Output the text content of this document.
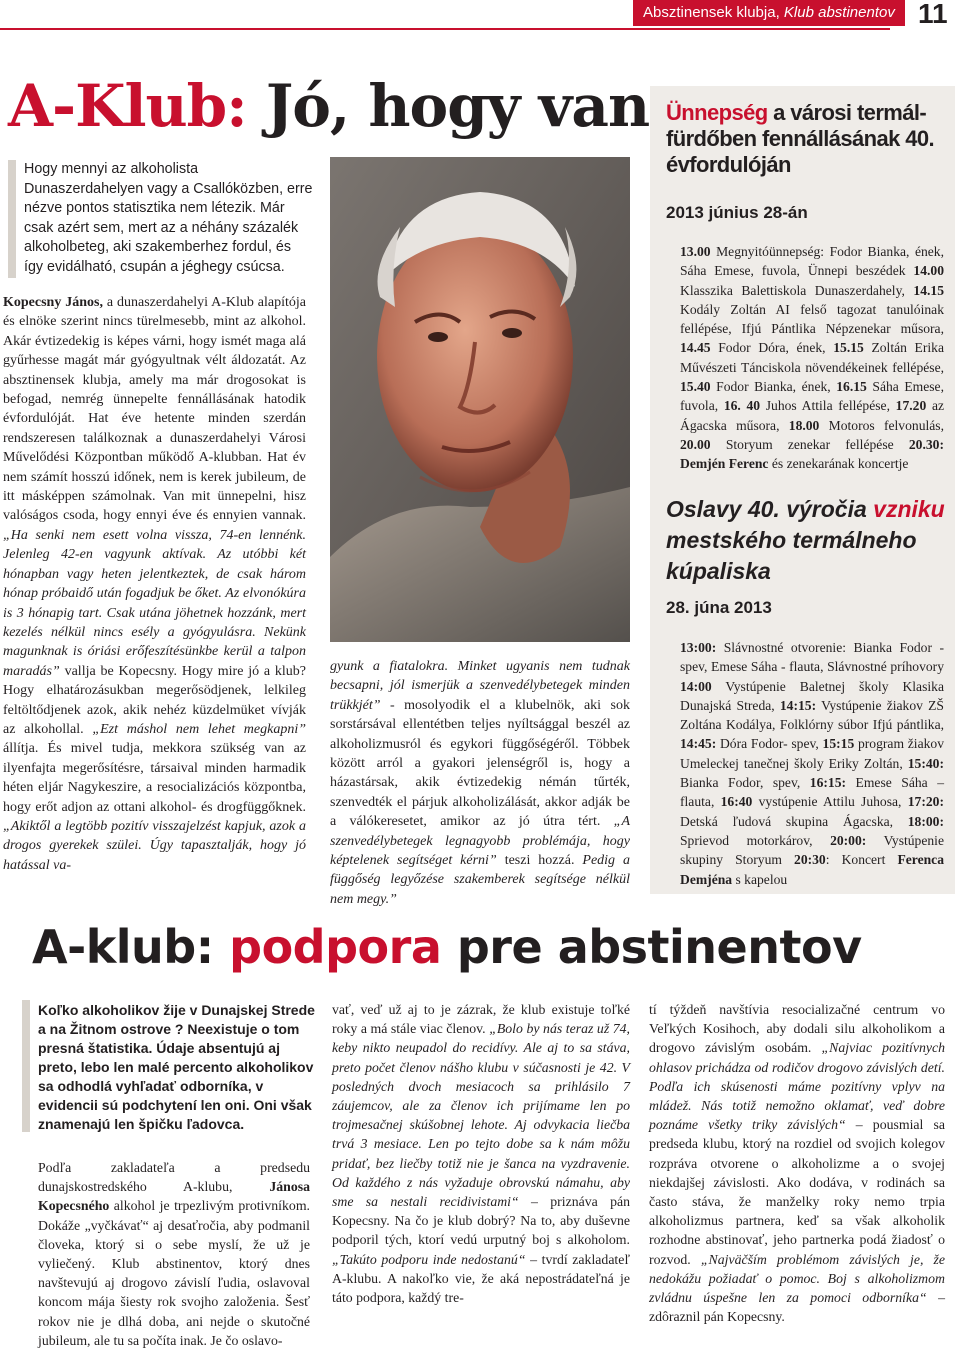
Absztinensek klubja, Klub abstinentov 11
A-Klub: Jó, hogy van
Hogy mennyi az alkoholista Dunaszerdahelyen vagy a Csallóközben, erre nézve pontos statisztika nem létezik. Már csak azért sem, mert az a néhány százalék alkoholbeteg, aki szakemberhez fordul, és így evidálható, csupán a jéghegy csúcsa.

Kopecsny János, a dunaszerdahelyi A-Klub alapítója és elnöke szerint nincs türelmesebb, mint az alkohol. Akár évtizedekig is képes várni, hogy ismét maga alá gyűrhesse magát már gyógyultnak vélt áldozatát. Az absztinensek klubja, amely ma már drogosokat is befogad, nemrég ünnepelte fennállásának hatodik évfordulóját. Hat éve hetente minden szerdán rendszeresen találkoznak a dunaszerdahelyi Városi Művelődési Központban működő A-klubban. Hat év nem számít hosszú időnek, nem is kerek jubileum, de itt másképpen számolnak. Van mit ünnepelni, hisz valóságos csoda, hogy ennyi éve és ennyien vannak. „Ha senki nem esett volna vissza, 74-en lennénk. Jelenleg 42-en vagyunk aktívak. Az utóbbi két hónapban vagy heten jelentkeztek, de csak három hónap próbaidő után fogadjuk be őket. Az elvonókúra is 3 hónapig tart. Csak utána jöhetnek hozzánk, mert kezelés nélkül nincs esély a gyógyulásra. Nekünk magunknak is óriási erőfeszítésünkbe kerül a talpon maradás” vallja be Kopecsny. Hogy mire jó a klub? Hogy elhatározásukban megerősödjenek, lelkileg feltöltődjenek azok, akik nehéz küzdelmüket vívják az alkohollal. „Ezt máshol nem lehet megkapni” állítja. És mivel tudja, mekkora szükség van az ilyenfajta megerősítésre, társaival minden harmadik héten eljár Nagykeszire, a resocializációs központba, hogy erőt adjon az ottani alkohol- és drogfüggőknek. „Akiktől a legtöbb pozitív visszajelzést kapjuk, azok a drogos gyerekek szülei. Úgy tapasztalják, hogy jó hatással va-

gyunk a fiatalokra. Minket ugyanis nem tudnak becsapni, jól ismerjük a szenvedélybetegek minden trükkjét” - mosolyodik el a klubelnök, aki sok sorstársával ellentétben teljes nyíltsággal beszél az alkoholizmusról és egykori függőségéről. Többek között arról a gyakori jelenségről is, hogy a házastársak, akik évtizedekig némán tűrték, szenvedték el párjuk alkoholizálását, akkor adják be a válókeresetet, amikor az jó útra tért. „A szenvedélybetegek legnagyobb problémája, hogy képtelenek segítséget kérni” teszi hozzá. Pedig a függőség legyőzése szakemberek segítsége nélkül nem megy.”

Ünnepség a városi termál-
fürdőben fennállásának 40.
évfordulóján
2013 június 28-án
13.00 Megnyitóünnepség: Fodor Bianka, ének, Sáha Emese, fuvola, Ünnepi beszédek 14.00 Klasszika Balettiskola Dunaszerdahely, 14.15 Kodály Zoltán AI felső tagozat tanulóinak fellépése, Ifjú Pántlika Népzenekar műsora, 14.45 Fodor Dóra, ének, 15.15 Zoltán Erika Művészeti Tánciskola növendékeinek fellépése, 15.40 Fodor Bianka, ének, 16.15 Sáha Emese, fuvola, 16. 40 Juhos Attila fellépése, 17.20 az Ágacska műsora, 18.00 Motoros felvonulás, 20.00 Storyum zenekar fellépése 20.30: Demjén Ferenc és zenekarának koncertje
Oslavy 40. výročia vzniku
mestského termálneho
kúpaliska
28. júna 2013
13:00: Slávnostné otvorenie: Bianka Fodor - spev, Emese Sáha - flauta, Slávnostné príhovory 14:00 Vystúpenie Baletnej školy Klasika Dunajská Streda, 14:15: Vystúpenie žiakov ZŠ Zoltána Kodálya, Folklórny súbor Ifjú pántlika, 14:45: Dóra Fodor- spev, 15:15 program žiakov Umeleckej tanečnej školy Eriky Zoltán, 15:40: Bianka Fodor, spev, 16:15: Emese Sáha – flauta, 16:40 vystúpenie Attilu Juhosa, 17:20: Detská ľudová skupina Ágacska, 18:00: Sprievod motorkárov, 20:00: Vystúpenie skupiny Storyum 20:30: Koncert Ferenca Demjéna s kapelou
A-klub: podpora pre abstinentov
Koľko alkoholikov žije v Dunajskej Strede a na Žitnom ostrove ? Neexistuje o tom presná štatistika. Údaje absentujú aj preto, lebo len malé percento alkoholikov sa odhodlá vyhľadať odborníka, v evidencii sú podchytení len oni. Oni však znamenajú len špičku ľadovca.

Podľa zakladateľa a predsedu dunajskostredského A-klubu, Jánosa Kopecsného alkohol je trpezlivým protivníkom. Dokáže „vyčkávať“ aj desaťročia, aby podmanil človeka, ktorý si o sebe myslí, že už je vyliečený. Klub abstinentov, ktorý dnes navštevujú aj drogovo závislí ľudia, oslavoval koncom mája šiesty rok svojho založenia. Šesť rokov nie je dlhá doba, ani nejde o skutočné jubileum, ale tu sa počíta inak. Je čo oslavo-

vať, veď už aj to je zázrak, že klub existuje toľké roky a má stále viac členov. „Bolo by nás teraz už 74, keby nikto neupadol do recidívy. Ale aj to sa stáva, preto počet členov nášho klubu v súčasnosti je 42. V posledných dvoch mesiacoch sa prihlásilo 7 záujemcov, ale za členov ich prijímame len po trojmesačnej skúšobnej lehote. Aj odvykacia liečba trvá 3 mesiace. Len po tejto dobe sa k nám môžu pridať, bez liečby totiž nie je šanca na vyzdravenie. Od každého z nás vyžaduje obrovskú námahu, aby sme sa nestali recidivistami“ – priznáva pán Kopecsny. Na čo je klub dobrý? Na to, aby duševne podporil tých, ktorí vedú urputný boj s alkoholom. „Takúto podporu inde nedostanú“ – tvrdí zakladateľ A-klubu. A nakoľko vie, že aká nepostrádateľná je táto podpora, každý tre-

tí týždeň navštívia resocializačné centrum vo Veľkých Kosihoch, aby dodali silu alkoholikom a drogovo závislým osobám. „Najviac pozitívnych ohlasov prichádza od rodičov drogovo závislých detí. Podľa ich skúsenosti máme pozitívny vplyv na mládež. Nás totiž nemožno oklamať, veď dobre poznáme všetky triky závislých“ – pousmial sa predseda klubu, ktorý na rozdiel od svojich kolegov rozpráva otvorene o alkoholizme a o svojej niekdajšej závislosti. Ako dodáva, v rodinách sa často stáva, že manželky roky nemo trpia alkoholizmus partnera, keď sa však alkoholik rozhodne abstinovať, jeho partnerka podá žiadosť o rozvod. „Najväčším problémom závislých je, že nedokážu požiadať o pomoc. Boj s alkoholizmom zvládnu úspešne len za pomoci odborníka“ – zdôraznil pán Kopecsny.
